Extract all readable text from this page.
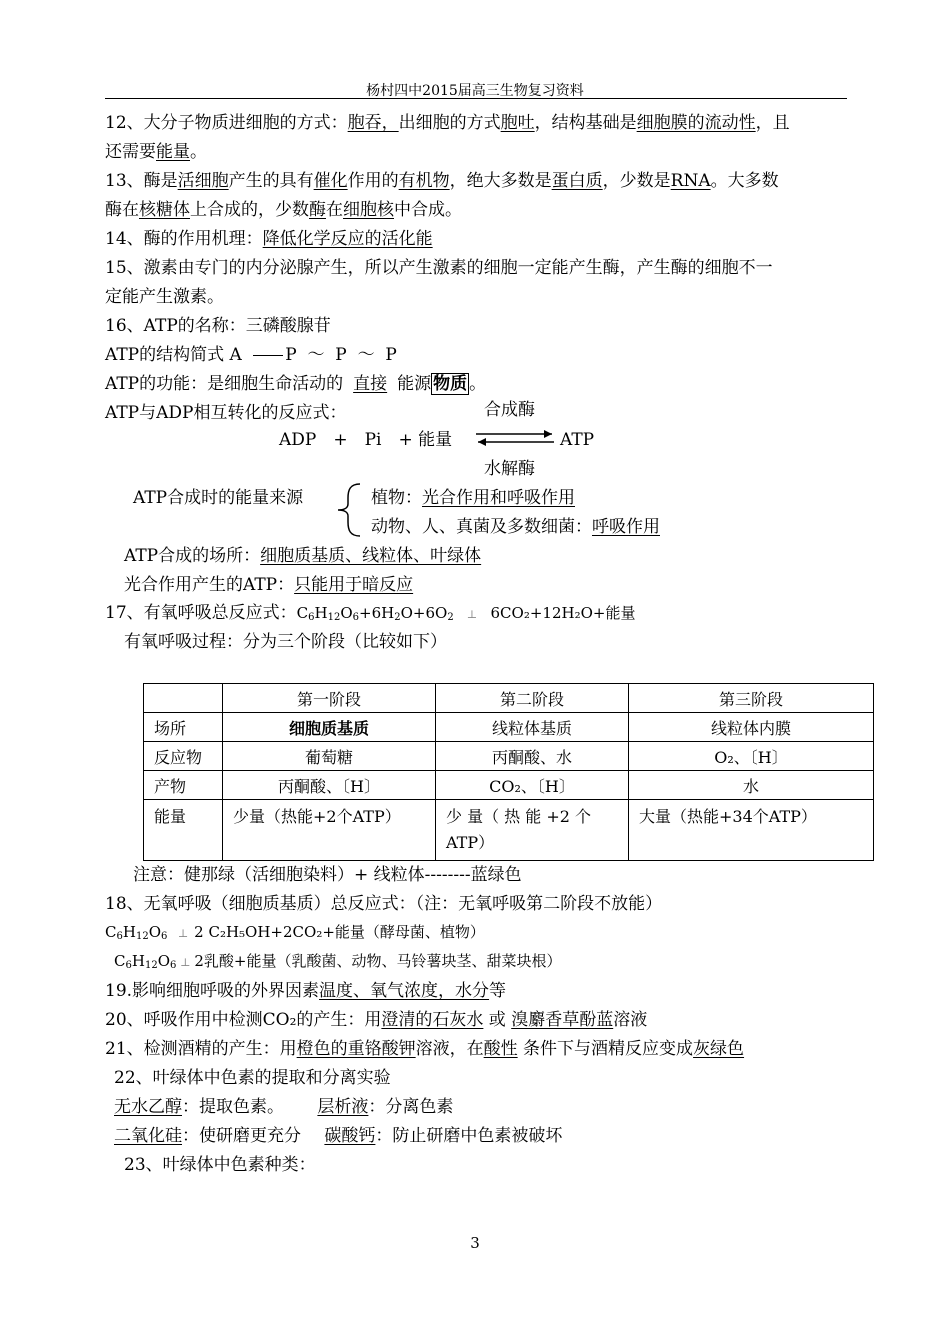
杨村四中2015届高三生物复习资料
12、大分子物质进细胞的方式：胞吞，出细胞的方式胞吐，结构基础是细胞膜的流动性，且
还需要能量。
13、酶是活细胞产生的具有催化作用的有机物，绝大多数是蛋白质，少数是RNA。大多数
酶在核糖体上合成的，少数酶在细胞核中合成。
14、酶的作用机理：降低化学反应的活化能
15、激素由专门的内分泌腺产生，所以产生激素的细胞一定能产生酶，产生酶的细胞不一
定能产生激素。
16、ATP的名称：三磷酸腺苷
ATP的结构简式 A	P ～ P ～ P
ATP的功能：是细胞生命活动的 直接 能源 物质 。
ATP与ADP相互转化的反应式：	合成酶
ADP　+　Pi　+ 能量	ATP
水解酶
ATP合成时的能量来源	植物：光合作用和呼吸作用
动物、人、真菌及多数细菌：呼吸作用
ATP合成的场所：细胞质基质、线粒体、叶绿体
光合作用产生的ATP：只能用于暗反应
17、有氧呼吸总反应式：$C_6H_{12}O_6+6H_2O+6O_2$ ⊥ 6CO₂+12H₂O+能量
有氧呼吸过程：分为三个阶段（比较如下）
	第一阶段	第二阶段	第三阶段
场所	细胞质基质	线粒体基质	线粒体内膜
反应物	葡萄糖	丙酮酸、水	O₂、〔H〕
产物	丙酮酸、〔H〕	CO₂、〔H〕	水
能量	少量（热能+2个ATP）	少 量（ 热 能 +2 个 ATP）	大量（热能+34个ATP）
注意：健那绿（活细胞染料）+ 线粒体--------蓝绿色
18、无氧呼吸（细胞质基质）总反应式：（注：无氧呼吸第二阶段不放能）
$C_6H_{12}O_6$ ⊥ 2 C₂H₅OH+2CO₂+能量（酵母菌、植物）
$C_6H_{12}O_6$ ⊥ 2乳酸+能量（乳酸菌、动物、马铃薯块茎、甜菜块根）
19.影响细胞呼吸的外界因素温度、氧气浓度，水分等
20、呼吸作用中检测CO₂的产生：用澄清的石灰水 或 溴麝香草酚蓝溶液
21、检测酒精的产生：用橙色的重铬酸钾溶液，在酸性 条件下与酒精反应变成灰绿色
22、叶绿体中色素的提取和分离实验
无水乙醇：提取色素。 层析液：分离色素
二氧化硅：使研磨更充分 碳酸钙：防止研磨中色素被破坏
23、叶绿体中色素种类：
3
